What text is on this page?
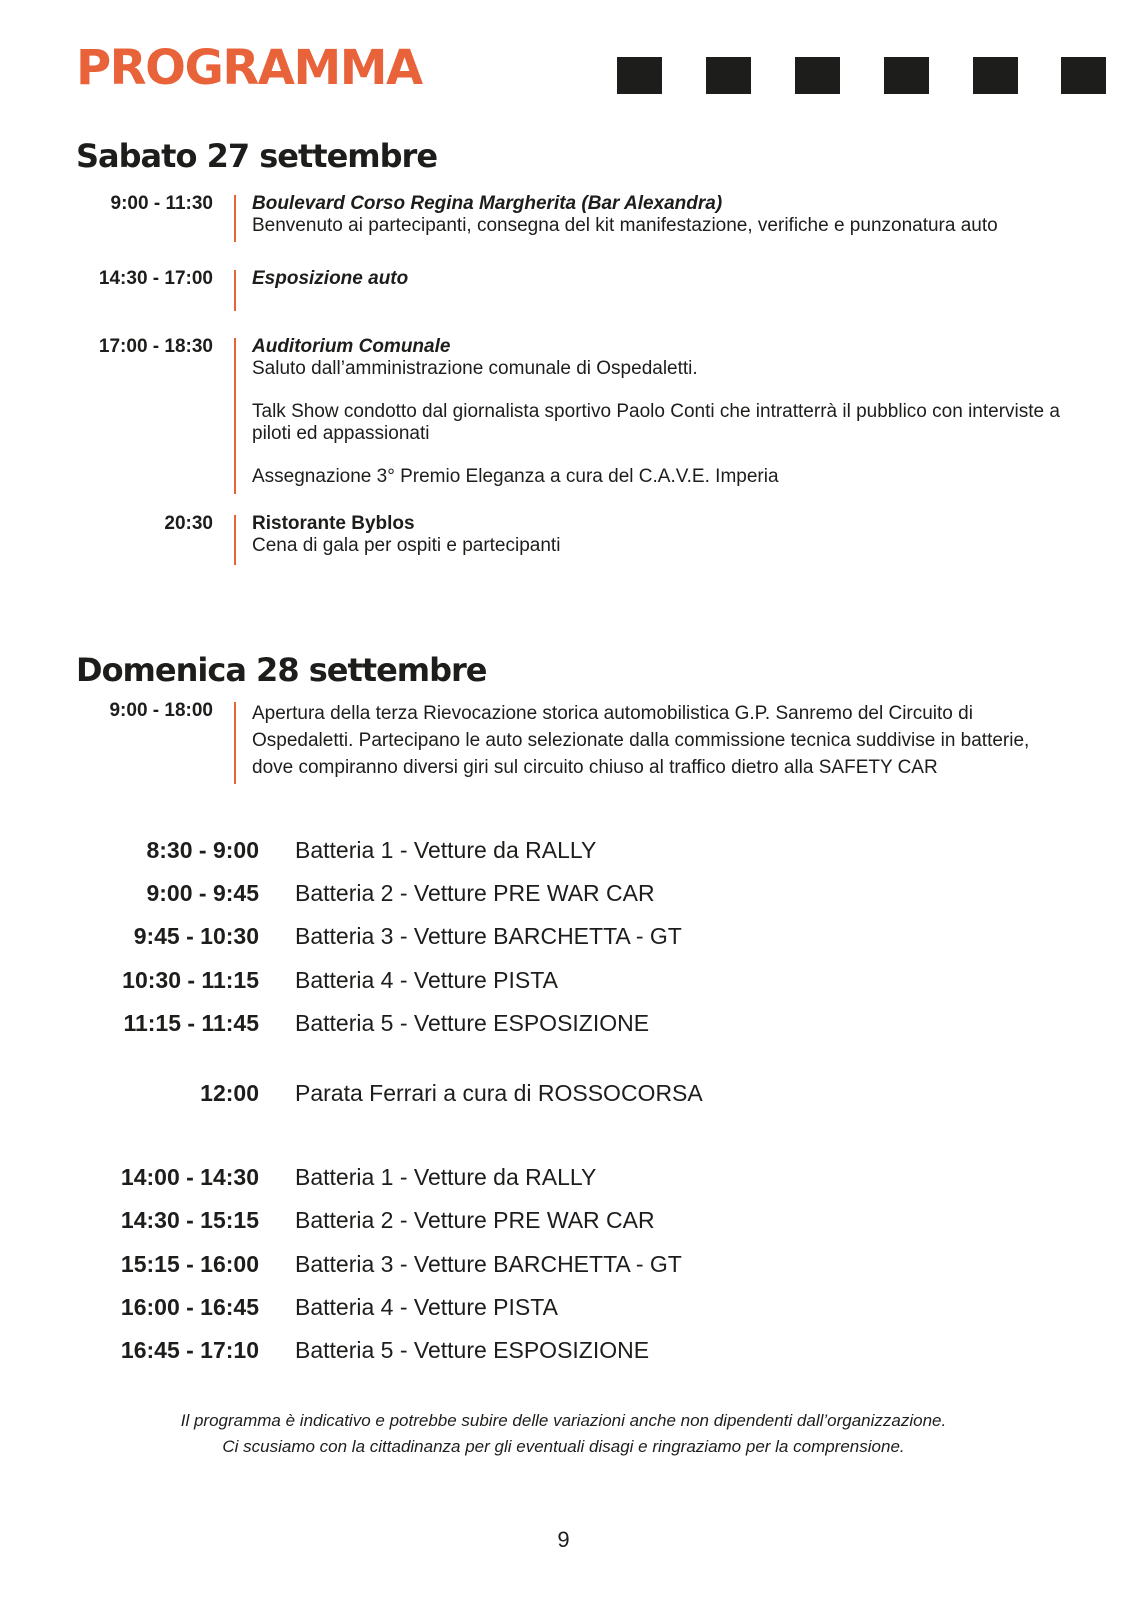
PROGRAMMA
Sabato 27 settembre
9:00 - 11:30 Boulevard Corso Regina Margherita (Bar Alexandra)
Benvenuto ai partecipanti, consegna del kit manifestazione, verifiche e punzonatura auto
14:30 - 17:00 Esposizione auto
17:00 - 18:30 Auditorium Comunale
Saluto dall’amministrazione comunale di Ospedaletti.
Talk Show condotto dal giornalista sportivo Paolo Conti che intratterrà il pubblico con interviste a piloti ed appassionati
Assegnazione 3° Premio Eleganza a cura del C.A.V.E. Imperia
20:30 Ristorante Byblos
Cena di gala per ospiti e partecipanti
Domenica 28 settembre
9:00 - 18:00 Apertura della terza Rievocazione storica automobilistica G.P. Sanremo del Circuito di Ospedaletti. Partecipano le auto selezionate dalla commissione tecnica suddivise in batterie, dove compiranno diversi giri sul circuito chiuso al traffico dietro alla SAFETY CAR
8:30 - 9:00 Batteria 1 - Vetture da RALLY
9:00 - 9:45 Batteria 2 - Vetture PRE WAR CAR
9:45 - 10:30 Batteria 3 - Vetture BARCHETTA - GT
10:30 - 11:15 Batteria 4 - Vetture PISTA
11:15 - 11:45 Batteria 5 - Vetture ESPOSIZIONE
12:00 Parata Ferrari a cura di ROSSOCORSA
14:00 - 14:30 Batteria 1 - Vetture da RALLY
14:30 - 15:15 Batteria 2 - Vetture PRE WAR CAR
15:15 - 16:00 Batteria 3 - Vetture BARCHETTA - GT
16:00 - 16:45 Batteria 4 - Vetture PISTA
16:45 - 17:10 Batteria 5 - Vetture ESPOSIZIONE
Il programma è indicativo e potrebbe subire delle variazioni anche non dipendenti dall’organizzazione.
Ci scusiamo con la cittadinanza per gli eventuali disagi e ringraziamo per la comprensione.
9
